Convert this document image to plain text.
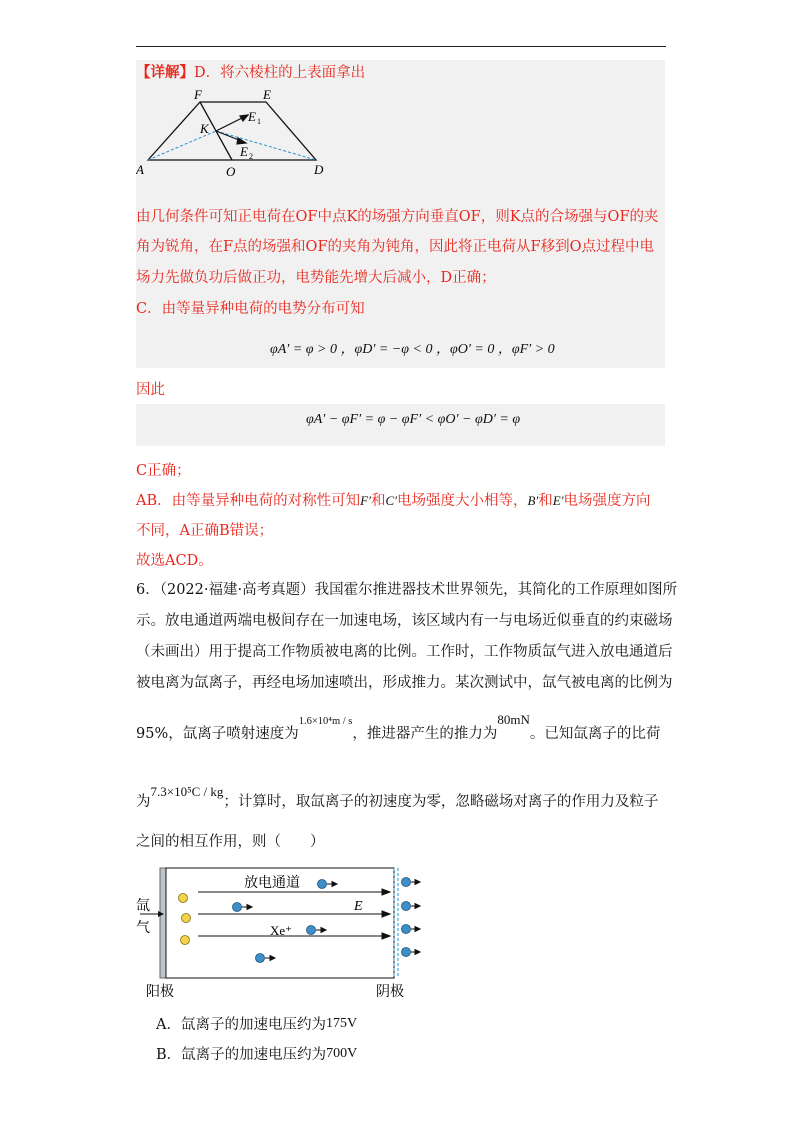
【详解】D．将六棱柱的上表面拿出
F	E
K
E 1
E 2
A	O	D
由几何条件可知正电荷在OF中点K的场强方向垂直OF，则K点的合场强与OF的夹
角为锐角，在F点的场强和OF的夹角为钝角，因此将正电荷从F移到O点过程中电
场力先做负功后做正功，电势能先增大后减小，D正确；
C．由等量异种电荷的电势分布可知
φA′ = φ > 0 ，φD′ = −φ < 0 ，φO′ = 0 ，φF′ > 0
因此
φA′ − φF′ = φ − φF′ < φO′ − φD′ = φ
C正确；
AB．由等量异种电荷的对称性可知F′和C′电场强度大小相等，B′和E′电场强度方向
不同，A正确B错误；
故选ACD。
6．（2022·福建·高考真题）我国霍尔推进器技术世界领先，其简化的工作原理如图所
示。放电通道两端电极间存在一加速电场，该区域内有一与电场近似垂直的约束磁场
（未画出）用于提高工作物质被电离的比例。工作时，工作物质氙气进入放电通道后
被电离为氙离子，再经电场加速喷出，形成推力。某次测试中，氙气被电离的比例为
95%，氙离子喷射速度为$^{1.6\times 10^4m / s}$，推进器产生的推力为80mN。已知氙离子的比荷
为7.3×10⁵C / kg；计算时，取氙离子的初速度为零，忽略磁场对离子的作用力及粒子
之间的相互作用，则（　　）
放电通道
E
Xe⁺
氙
气
阳极	阴极
A．氙离子的加速电压约为175V
B．氙离子的加速电压约为700V
